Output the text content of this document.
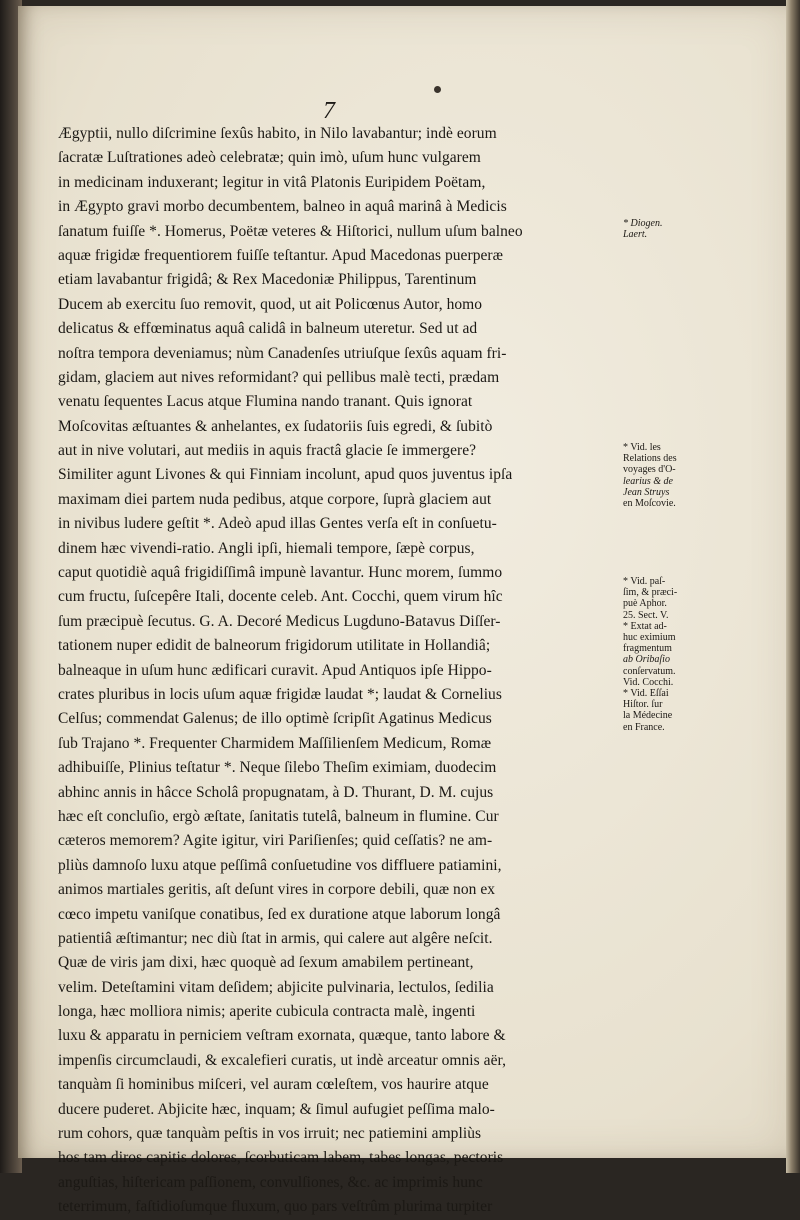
7
Ægyptii, nullo diſcrimine ſexûs habito, in Nilo lavabantur; indè eorum
ſacratæ Luſtrationes adeò celebratæ; quin imò, uſum hunc vulgarem
in medicinam induxerant; legitur in vitâ Platonis Euripidem Poëtam,
in Ægypto gravi morbo decumbentem, balneo in aquâ marinâ à Medicis
ſanatum fuiſſe *. Homerus, Poëtæ veteres & Hiſtorici, nullum uſum balneo
aquæ frigidæ frequentiorem fuiſſe teſtantur. Apud Macedonas puerperæ
etiam lavabantur frigidâ; & Rex Macedoniæ Philippus, Tarentinum
Ducem ab exercitu ſuo removit, quod, ut ait Policœnus Autor, homo
delicatus & effœminatus aquâ calidâ in balneum uteretur. Sed ut ad
noſtra tempora deveniamus; nùm Canadenſes utriuſque ſexûs aquam fri-
gidam, glaciem aut nives reformidant? qui pellibus malè tecti, prædam
venatu ſequentes Lacus atque Flumina nando tranant. Quis ignorat
Moſcovitas æſtuantes & anhelantes, ex ſudatoriis ſuis egredi, & ſubitò
aut in nive volutari, aut mediis in aquis fractâ glacie ſe immergere?
Similiter agunt Livones & qui Finniam incolunt, apud quos juventus ipſa
maximam diei partem nuda pedibus, atque corpore, ſuprà glaciem aut
in nivibus ludere geſtit *. Adeò apud illas Gentes verſa eſt in conſuetu-
dinem hæc vivendi-ratio. Angli ipſi, hiemali tempore, ſæpè corpus,
caput quotidiè aquâ frigidiſſimâ impunè lavantur. Hunc morem, ſummo
cum fructu, ſuſcepêre Itali, docente celeb. Ant. Cocchi, quem virum hîc
ſum præcipuè ſecutus. G. A. Decoré Medicus Lugduno-Batavus Diſſer-
tationem nuper edidit de balneorum frigidorum utilitate in Hollandiâ;
balneaque in uſum hunc ædificari curavit. Apud Antiquos ipſe Hippo-
crates pluribus in locis uſum aquæ frigidæ laudat *; laudat & Cornelius
Celſus; commendat Galenus; de illo optimè ſcripſit Agatinus Medicus
ſub Trajano *. Frequenter Charmidem Maſſilienſem Medicum, Romæ
adhibuiſſe, Plinius teſtatur *. Neque ſilebo Theſim eximiam, duodecim
abhinc annis in hâcce Scholâ propugnatam, à D. Thurant, D. M. cujus
hæc eſt concluſio, ergò æſtate, ſanitatis tutelâ, balneum in flumine. Cur
cæteros memorem? Agite igitur, viri Pariſienſes; quid ceſſatis? ne am-
pliùs damnoſo luxu atque peſſimâ conſuetudine vos diffluere patiamini,
animos martiales geritis, aſt deſunt vires in corpore debili, quæ non ex
cœco impetu vaniſque conatibus, ſed ex duratione atque laborum longâ
patientiâ æſtimantur; nec diù ſtat in armis, qui calere aut algêre neſcit.
Quæ de viris jam dixi, hæc quoquè ad ſexum amabilem pertineant,
velim. Deteſtamini vitam deſidem; abjicite pulvinaria, lectulos, ſedilia
longa, hæc molliora nimis; aperite cubicula contracta malè, ingenti
luxu & apparatu in perniciem veſtram exornata, quæque, tanto labore &
impenſis circumclaudi, & excalefieri curatis, ut indè arceatur omnis aër,
tanquàm ſi hominibus miſceri, vel auram cœleſtem, vos haurire atque
ducere puderet. Abjicite hæc, inquam; & ſimul aufugiet peſſima malo-
rum cohors, quæ tanquàm peſtis in vos irruit; nec patiemini ampliùs
hos tam diros capitis dolores, ſcorbuticam labem, tabes longas, pectoris
anguſtias, hiſtericam paſſionem, convulſiones, &c. ac imprimis hunc
teterrimum, faſtidioſumque fluxum, quo pars veſtrûm plurima turpiter
* Diogen.
Laert.
* Vid. les
Relations des
voyages d'O-
learius & de
Jean Struys
en Moſcovie.
* Vid. paſ-
ſim, & præci-
puè Aphor.
25. Sect. V.
* Extat ad-
huc eximium
fragmentum
ab Oribaſio
conſervatum.
Vid. Cocchi.
* Vid. Eſſai
Hiſtor. ſur
la Médecine
en France.
